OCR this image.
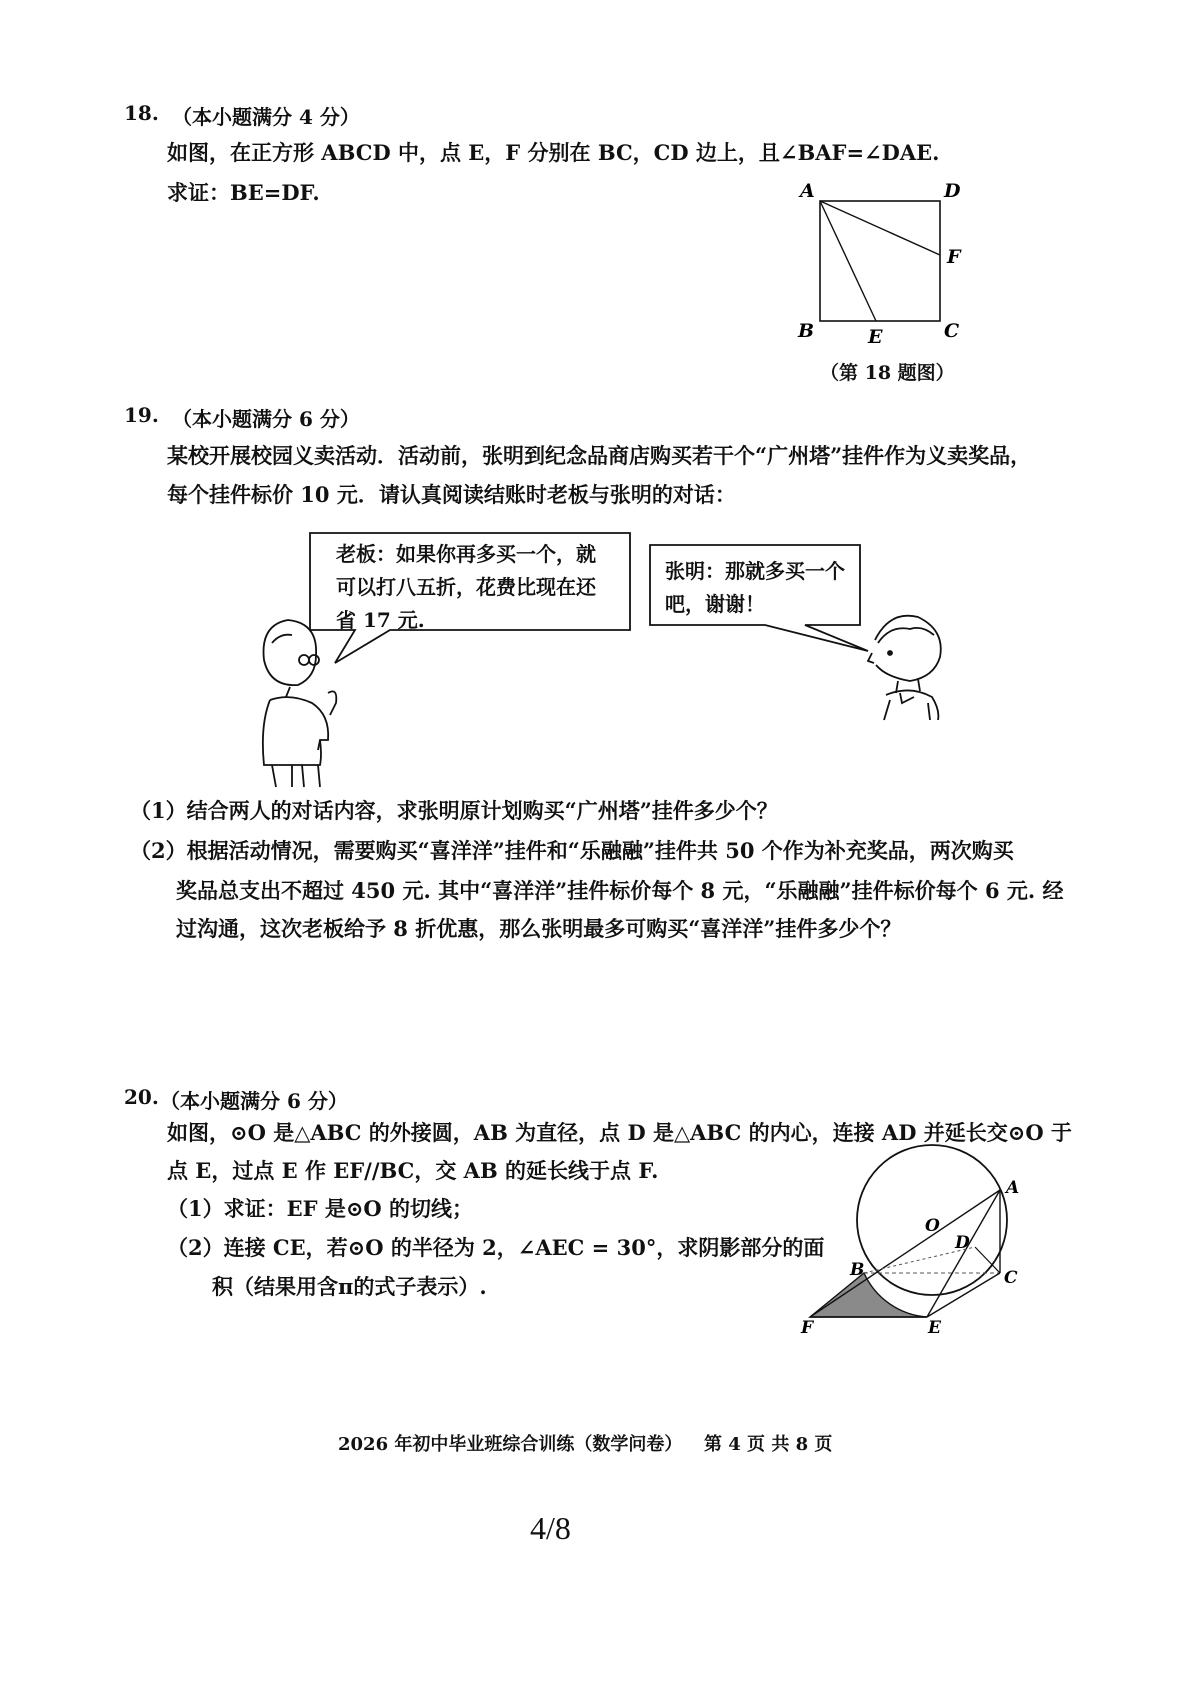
18. （本小题满分 4 分）
如图，在正方形 ABCD 中，点 E，F 分别在 BC，CD 边上，且∠BAF=∠DAE.
求证：BE=DF.	A	D
F
B	E	C
（第 18 题图）
19. （本小题满分 6 分）
某校开展校园义卖活动．活动前，张明到纪念品商店购买若干个“广州塔”挂件作为义卖奖品，
每个挂件标价 10 元．请认真阅读结账时老板与张明的对话：
老板：如果你再多买一个，就
可以打八五折，花费比现在还
省 17 元.
张明：那就多买一个
吧，谢谢！
（1）结合两人的对话内容，求张明原计划购买“广州塔”挂件多少个？
（2）根据活动情况，需要购买“喜洋洋”挂件和“乐融融”挂件共 50 个作为补充奖品，两次购买
奖品总支出不超过 450 元. 其中“喜洋洋”挂件标价每个 8 元，“乐融融”挂件标价每个 6 元. 经
过沟通，这次老板给予 8 折优惠，那么张明最多可购买“喜洋洋”挂件多少个？
20. （本小题满分 6 分）
如图，⊙O 是△ABC 的外接圆，AB 为直径，点 D 是△ABC 的内心，连接 AD 并延长交⊙O 于
点 E，过点 E 作 EF//BC，交 AB 的延长线于点 F.
（1）求证：EF 是⊙O 的切线；
（2）连接 CE，若⊙O 的半径为 2，∠AEC = 30°，求阴影部分的面
积（结果用含π的式子表示）.
A
O
D
B	C
F	E
2026 年初中毕业班综合训练（数学问卷） 第 4 页 共 8 页
4/8
